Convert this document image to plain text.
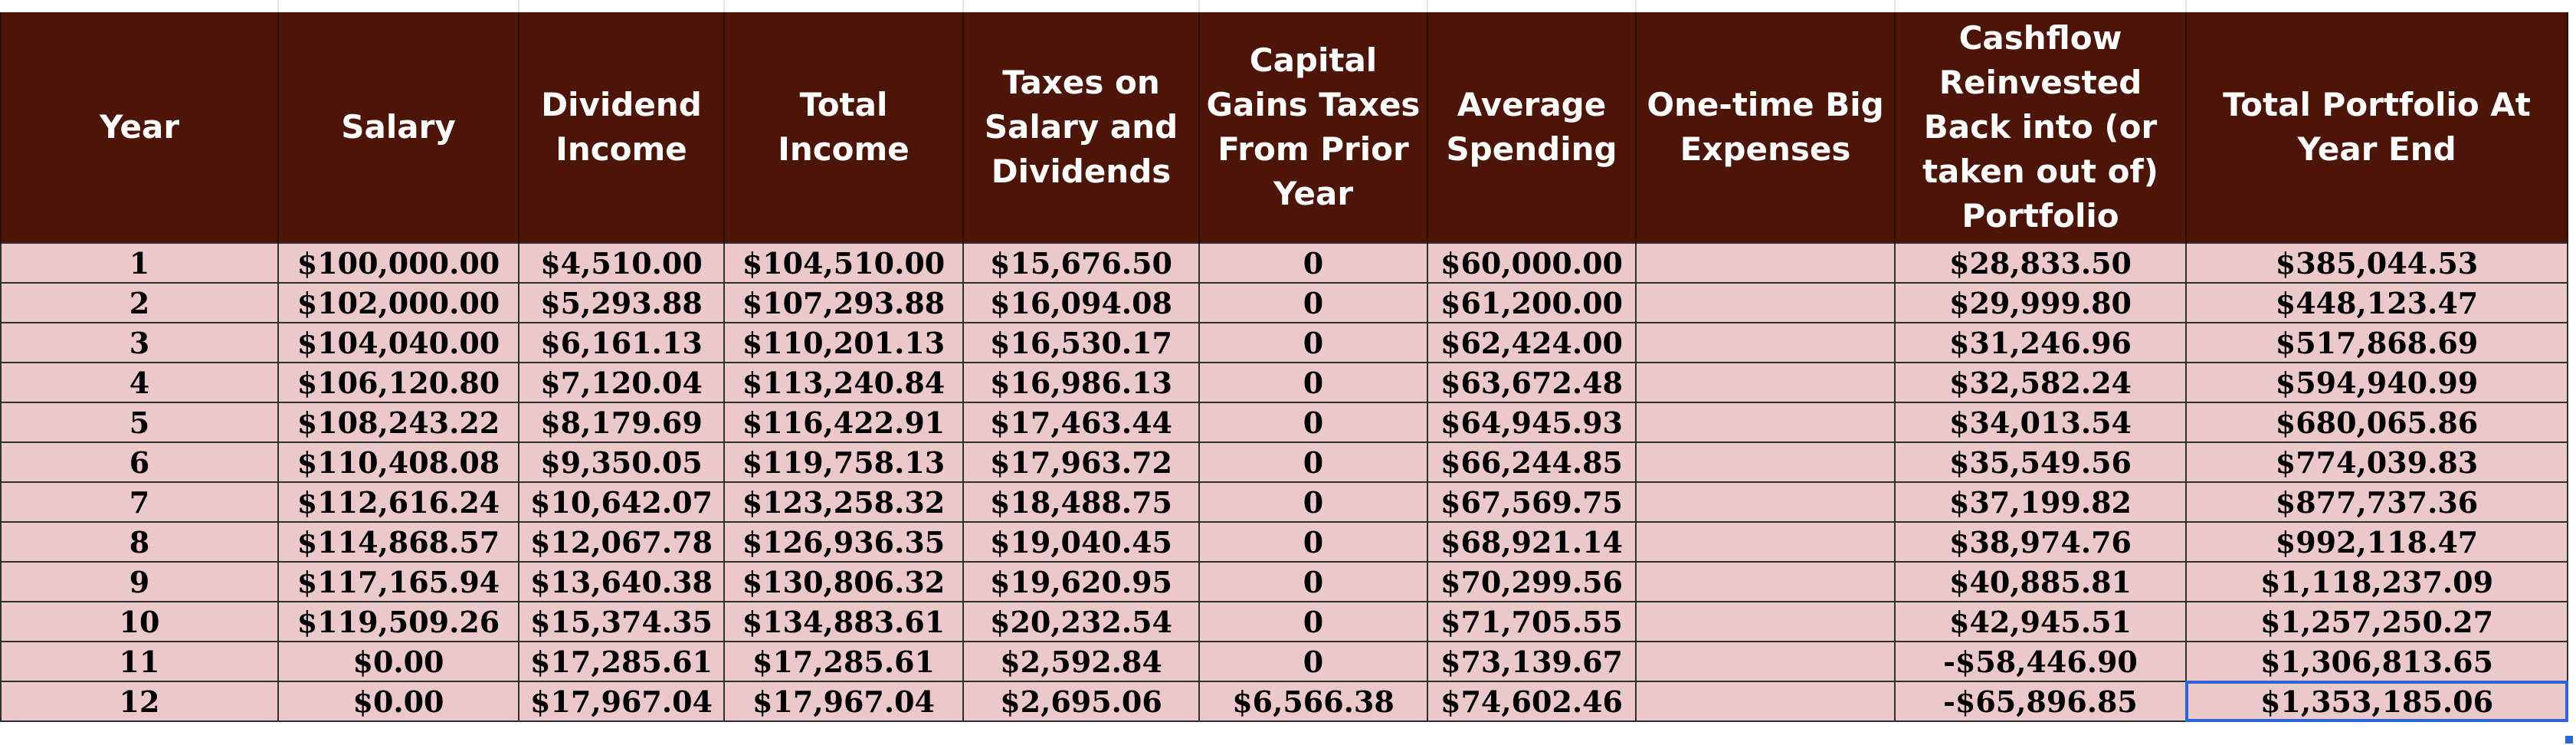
Year	Salary	Dividend Income	Total Income	Taxes on Salary and Dividends	Capital Gains Taxes From Prior Year	Average Spending	One-time Big Expenses	Cashflow Reinvested Back into (or taken out of) Portfolio	Total Portfolio At Year End
1	$100,000.00	$4,510.00	$104,510.00	$15,676.50	0	$60,000.00		$28,833.50	$385,044.53
2	$102,000.00	$5,293.88	$107,293.88	$16,094.08	0	$61,200.00		$29,999.80	$448,123.47
3	$104,040.00	$6,161.13	$110,201.13	$16,530.17	0	$62,424.00		$31,246.96	$517,868.69
4	$106,120.80	$7,120.04	$113,240.84	$16,986.13	0	$63,672.48		$32,582.24	$594,940.99
5	$108,243.22	$8,179.69	$116,422.91	$17,463.44	0	$64,945.93		$34,013.54	$680,065.86
6	$110,408.08	$9,350.05	$119,758.13	$17,963.72	0	$66,244.85		$35,549.56	$774,039.83
7	$112,616.24	$10,642.07	$123,258.32	$18,488.75	0	$67,569.75		$37,199.82	$877,737.36
8	$114,868.57	$12,067.78	$126,936.35	$19,040.45	0	$68,921.14		$38,974.76	$992,118.47
9	$117,165.94	$13,640.38	$130,806.32	$19,620.95	0	$70,299.56		$40,885.81	$1,118,237.09
10	$119,509.26	$15,374.35	$134,883.61	$20,232.54	0	$71,705.55		$42,945.51	$1,257,250.27
11	$0.00	$17,285.61	$17,285.61	$2,592.84	0	$73,139.67		-$58,446.90	$1,306,813.65
12	$0.00	$17,967.04	$17,967.04	$2,695.06	$6,566.38	$74,602.46		-$65,896.85	$1,353,185.06
